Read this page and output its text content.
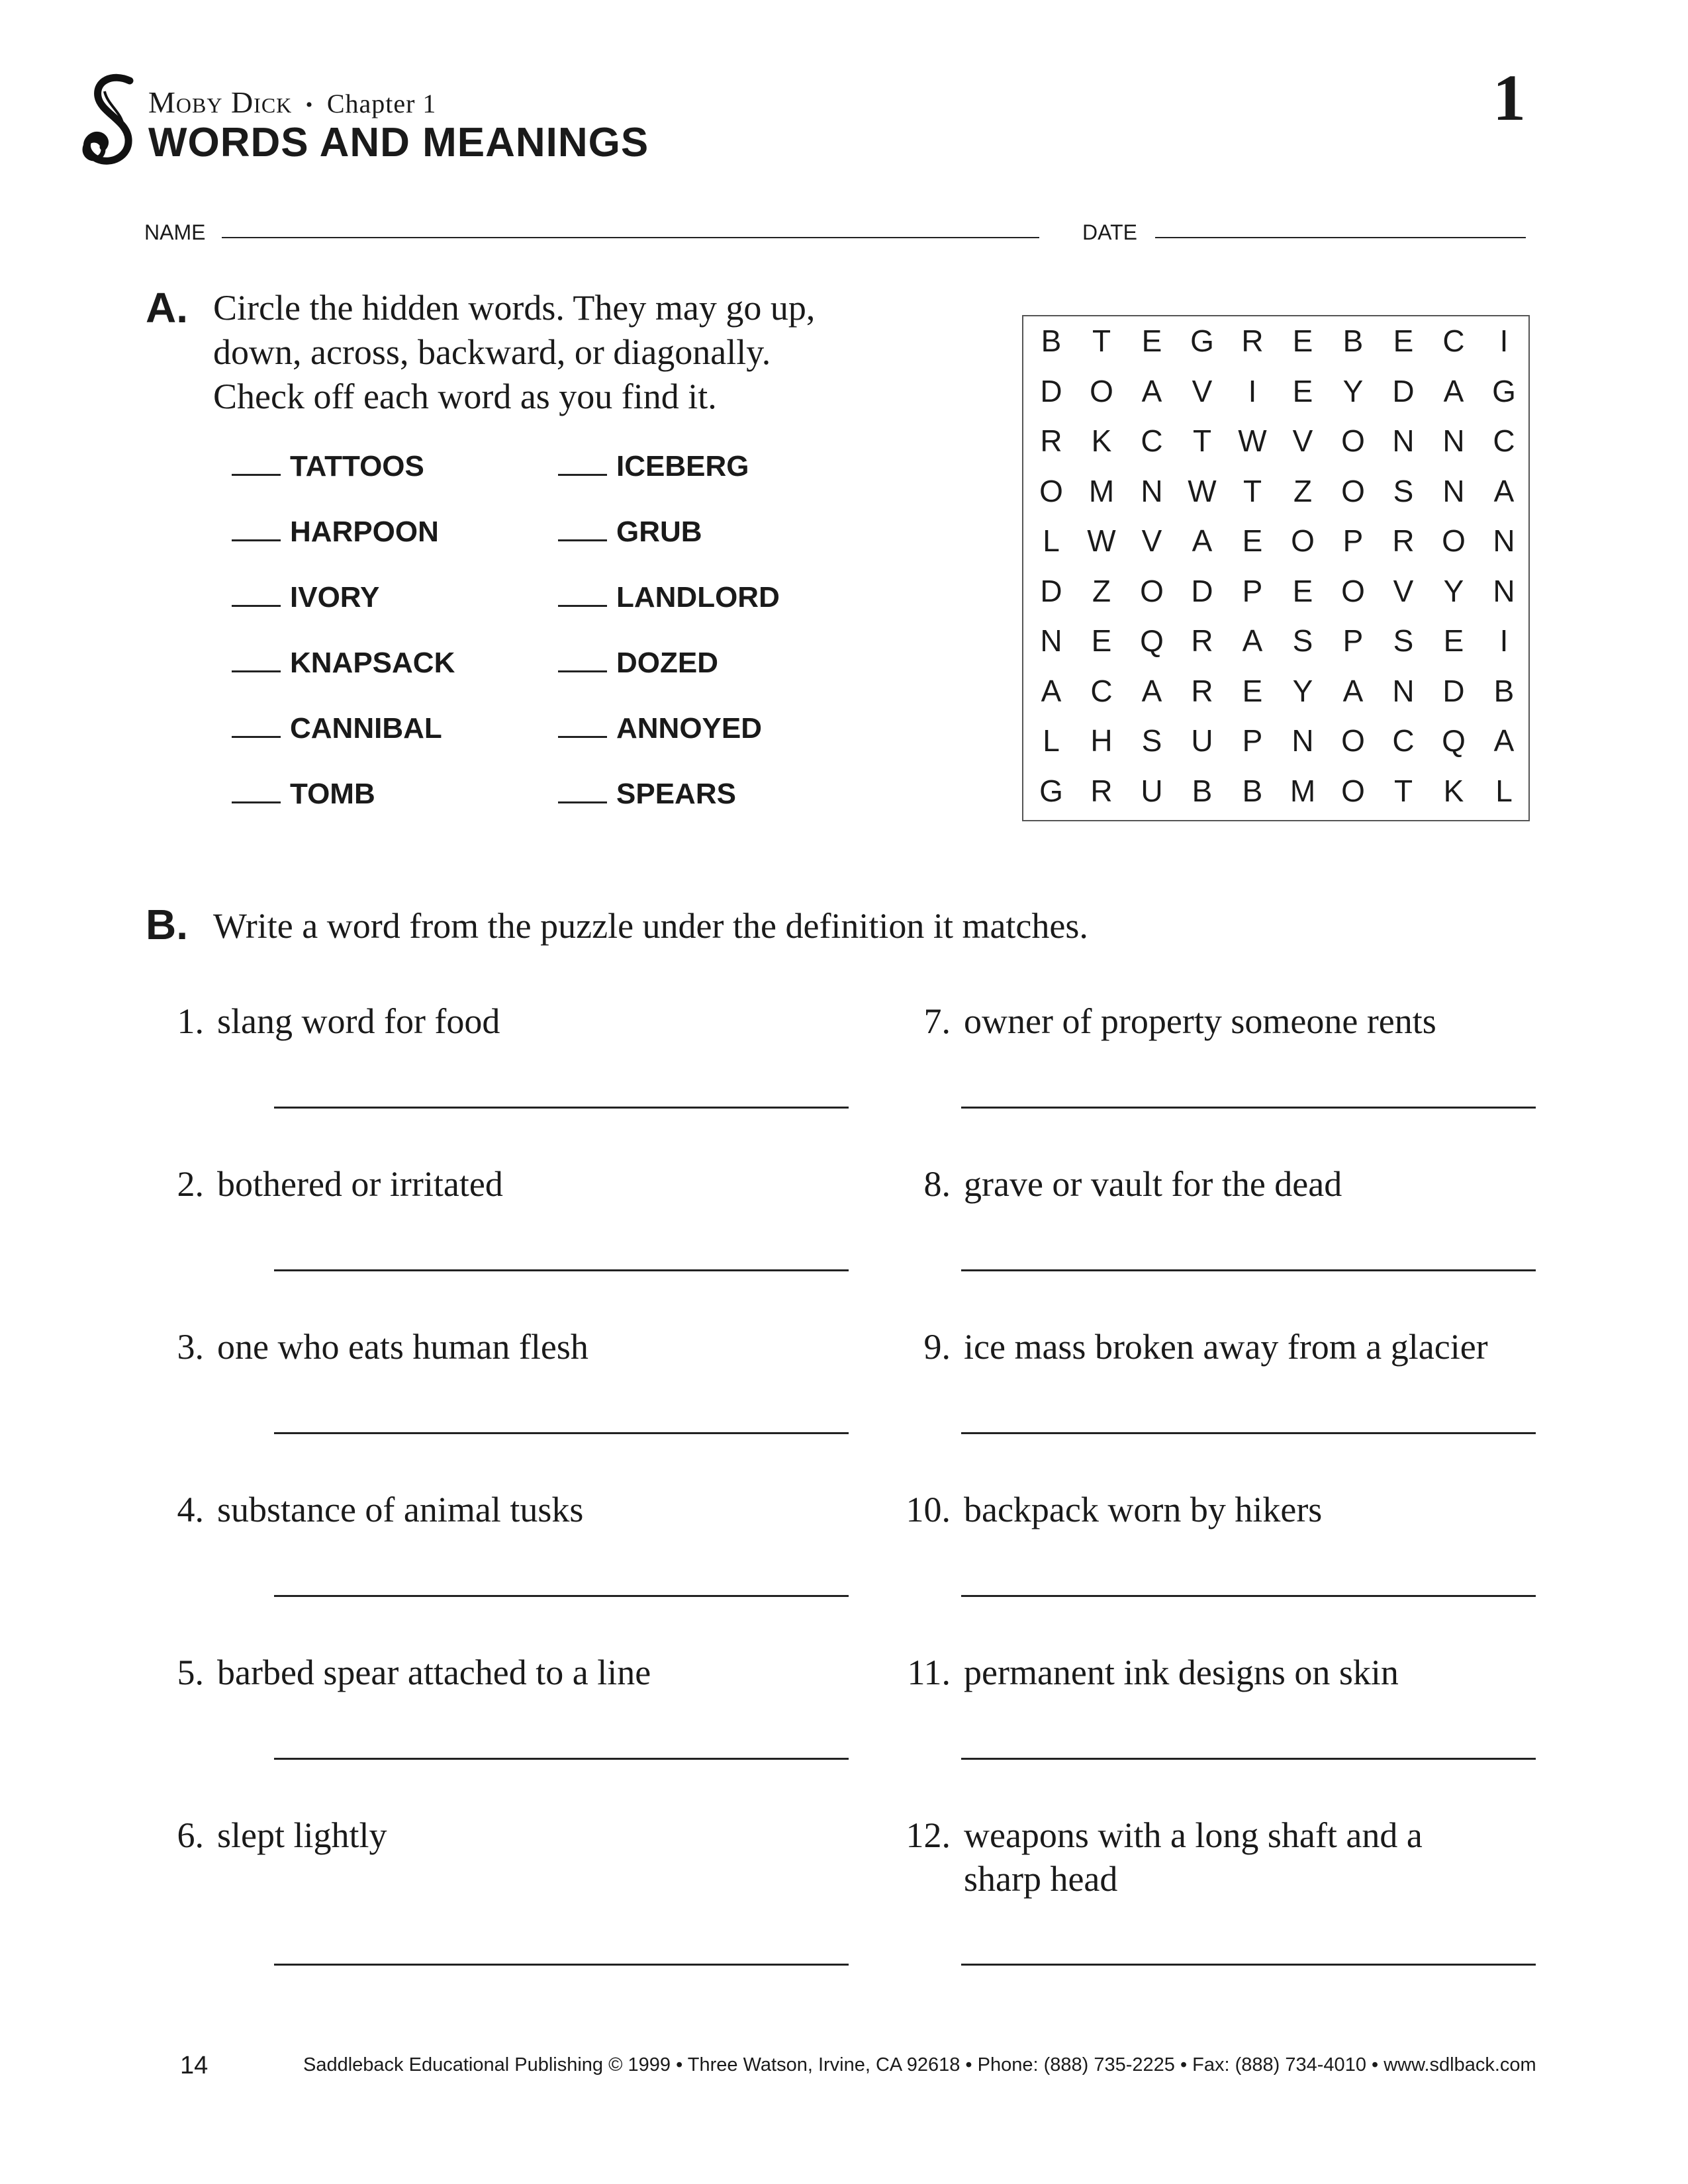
Moby Dick • Chapter 1
WORDS AND MEANINGS
1
NAME	DATE
A. Circle the hidden words. They may go up,
down, across, backward, or diagonally.
Check off each word as you find it.
TATTOOS
HARPOON
IVORY
KNAPSACK
CANNIBAL
TOMB
ICEBERG
GRUB
LANDLORD
DOZED
ANNOYED
SPEARS
B	T	E G R E B E C	I
D O A V	I	E Y D A G
R K C T W V O N N C
O M N W T	Z O S N A
L W V A E O P R O N
D Z O D P E O V Y N
N E Q R A S P S E	I
A C A R E Y A N D B
L	H S U P N O C Q A
G R U B B M O T	K	L
B. Write a word from the puzzle under the definition it matches.
1. slang word for food
2. bothered or irritated
3. one who eats human flesh
4. substance of animal tusks
5. barbed spear attached to a line
6. slept lightly
7. owner of property someone rents
8. grave or vault for the dead
9. ice mass broken away from a glacier
10. backpack worn by hikers
11. permanent ink designs on skin
12. weapons with a long shaft and a
sharp head
14	Saddleback Educational Publishing © 1999 • Three Watson, Irvine, CA 92618 • Phone: (888) 735-2225 • Fax: (888) 734-4010 • www.sdlback.com
